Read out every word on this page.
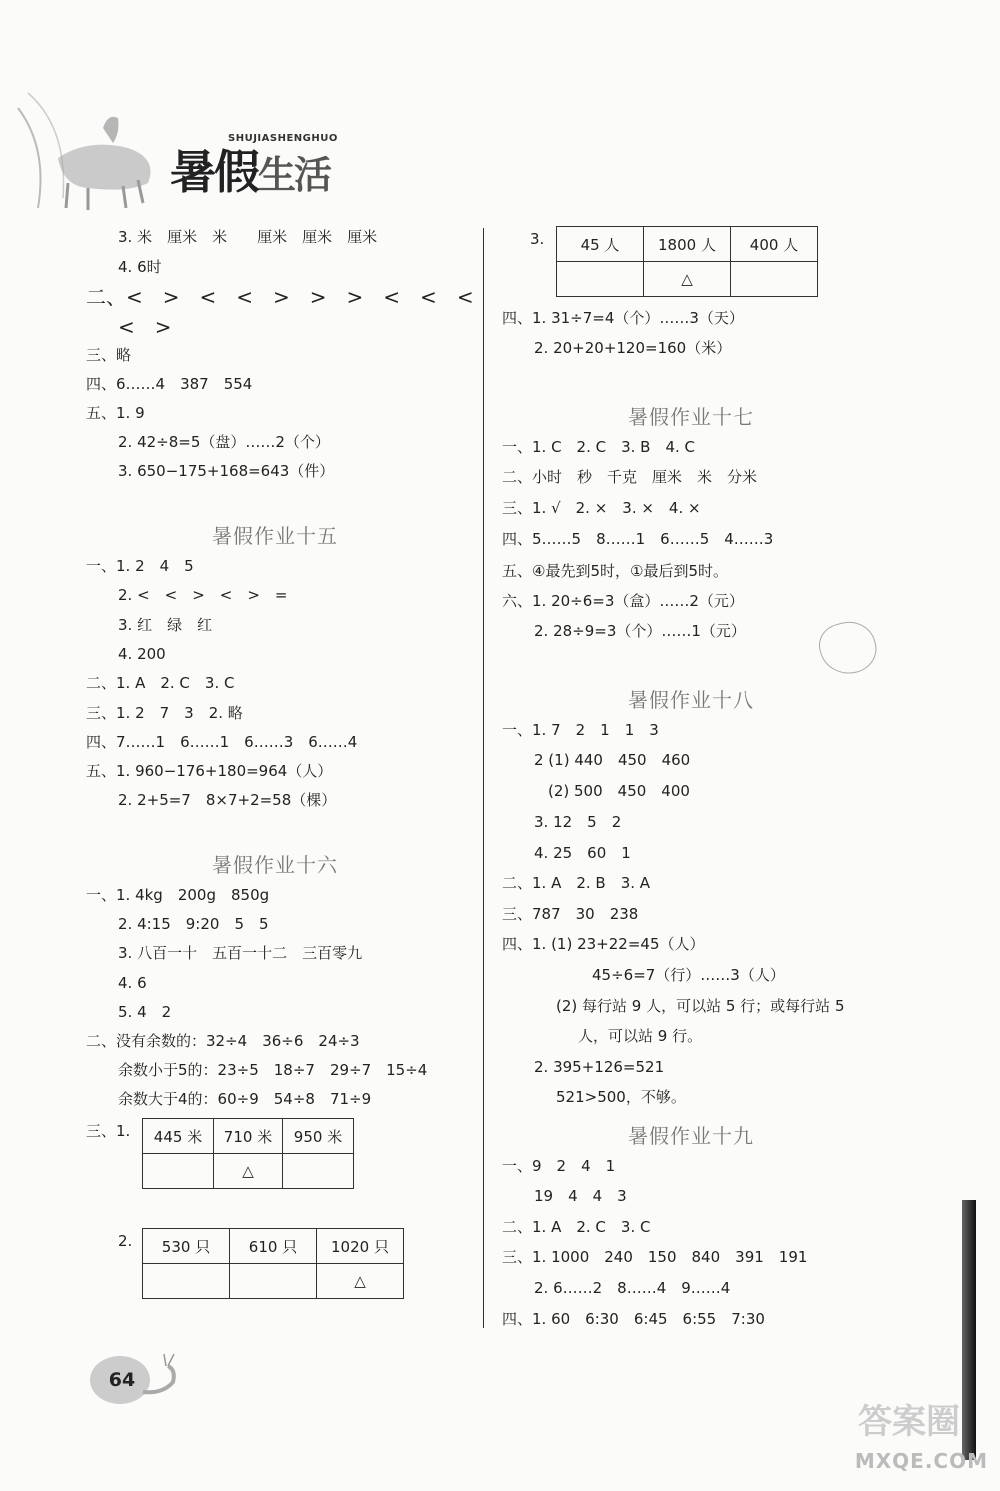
SHUJIASHENGHUO
暑假生活
3. 米　厘米　米　　厘米　厘米　厘米
4. 6时
二、<　>　<　<　>　>　>　<　<　<
<　>
三、略
四、6……4　387　554
五、1. 9
2. 42÷8=5（盘）……2（个）
3. 650−175+168=643（件）
暑假作业十五
一、1. 2　4　5
2. <　<　>　<　>　=
3. 红　绿　红
4. 200
二、1. A　2. C　3. C
三、1. 2　7　3　2. 略
四、7……1　6……1　6……3　6……4
五、1. 960−176+180=964（人）
2. 2+5=7　8×7+2=58（棵）
暑假作业十六
一、1. 4kg　200g　850g
2. 4:15　9:20　5　5
3. 八百一十　五百一十二　三百零九
4. 6
5. 4　2
二、没有余数的：32÷4　36÷6　24÷3
余数小于5的：23÷5　18÷7　29÷7　15÷4
余数大于4的：60÷9　54÷8　71÷9
三、1. 445 米	710 米	950 米
	△	
2. 530 只	610 只	1020 只
		△
3. 45 人	1800 人	400 人
	△	
四、1. 31÷7=4（个）……3（天）
2. 20+20+120=160（米）
暑假作业十七
一、1. C　2. C　3. B　4. C
二、小时　秒　千克　厘米　米　分米
三、1. √　2. ×　3. ×　4. ×
四、5……5　8……1　6……5　4……3
五、④最先到5时，①最后到5时。
六、1. 20÷6=3（盒）……2（元）
2. 28÷9=3（个）……1（元）
暑假作业十八
一、1. 7　2　1　1　3
2 (1) 440　450　460
(2) 500　450　400
3. 12　5　2
4. 25　60　1
二、1. A　2. B　3. A
三、787　30　238
四、1. (1) 23+22=45（人）
45÷6=7（行）……3（人）
(2) 每行站 9 人，可以站 5 行；或每行站 5
人，可以站 9 行。
2. 395+126=521
521>500，不够。
暑假作业十九
一、9　2　4　1
19　4　4　3
二、1. A　2. C　3. C
三、1. 1000　240　150　840　391　191
2. 6……2　8……4　9……4
四、1. 60　6:30　6:45　6:55　7:30
64
答案圈
MXQE.COM
